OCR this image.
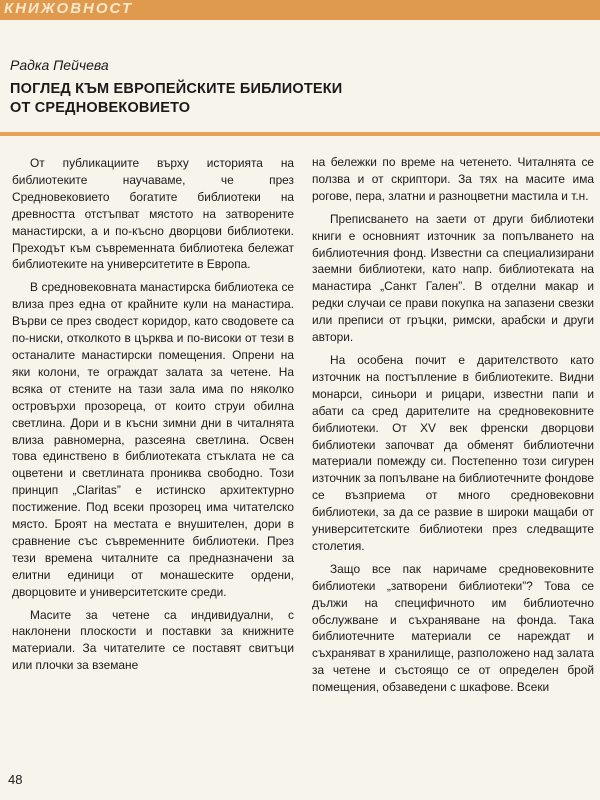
КНИЖОВНОСТ
Радка Пейчева
ПОГЛЕД КЪМ ЕВРОПЕЙСКИТЕ БИБЛИОТЕКИ
ОТ СРЕДНОВЕКОВИЕТО

От публикациите върху историята на библиотеките научаваме, че през Средновековието богатите библиотеки на древността отстъпват мястото на затворените манастирски, а и по-късно дворцови библиотеки. Преходът към съвременната библиотека бележат библиотеките на университетите в Европа.

В средновековната манастирска библиотека се влиза през една от крайните кули на манастира. Върви се през сводест коридор, като сводовете са по-ниски, отколкото в църква и по-високи от тези в останалите манастирски помещения. Опрени на яки колони, те ограждат залата за четене. На всяка от стените на тази зала има по няколко островърхи прозореца, от които струи обилна светлина. Дори и в късни зимни дни в читалнята влиза равномерна, разсеяна светлина. Освен това единствено в библиотеката стъклата не са оцветени и светлината прониква свободно. Този принцип „Claritas” е истинско архитектурно постижение. Под всеки прозорец има читателско място. Броят на местата е внушителен, дори в сравнение със съвременните библиотеки. През тези времена читалните са предназначени за елитни единици от монашеските ордени, дворцовите и университетските среди.

Масите за четене са индивидуални, с наклонени плоскости и поставки за книжните материали. За читателите се поставят свитъци или плочки за вземане

на бележки по време на четенето. Читалнята се ползва и от скриптори. За тях на масите има рогове, пера, златни и разноцветни мастила и т.н.

Преписването на заети от други библиотеки книги е основният източник за попълването на библиотечния фонд. Известни са специализирани заемни библиотеки, като напр. библиотеката на манастира „Санкт Гален”. В отделни макар и редки случаи се прави покупка на запазени свезки или преписи от гръцки, римски, арабски и други автори.

На особена почит е дарителството като източник на постъпление в библиотеките. Видни монарси, синьори и рицари, известни папи и абати са сред дарителите на средновековните библиотеки. От XV век френски дворцови библиотеки започват да обменят библиотечни материали помежду си. Постепенно този сигурен източник за попълване на библиотечните фондове се възприема от много средновековни библиотеки, за да се развие в широки мащаби от университетските библиотеки през следващите столетия.

Защо все пак наричаме средновековните библиотеки „затворени библиотеки”? Това се дължи на специфичното им библиотечно обслужване и съхраняване на фонда. Така библиотечните материали се нареждат и съхраняват в хранилище, разположено над залата за четене и състоящо се от определен брой помещения, обзаведени с шкафове. Всеки

48
